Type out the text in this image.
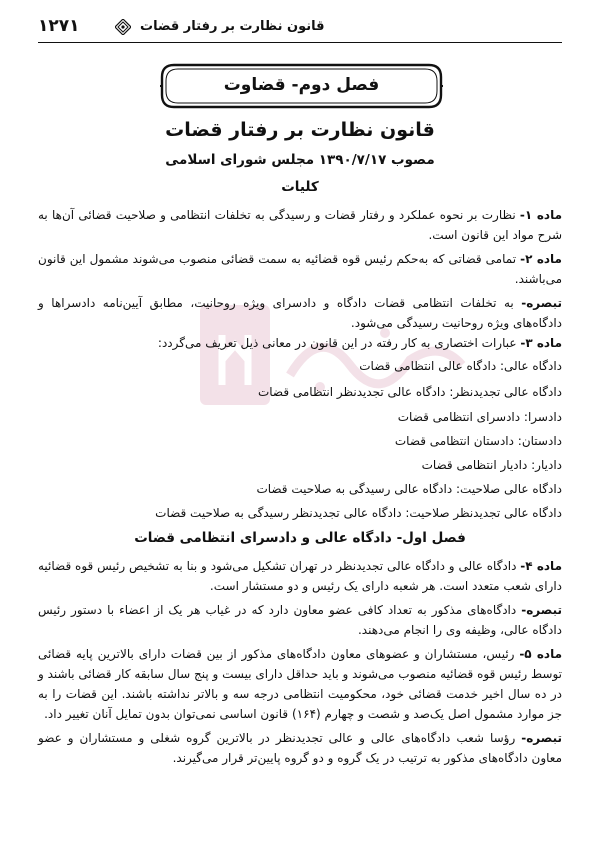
۱۲۷۱	قانون نظارت بر رفتار قضات
فصل دوم- قضاوت
قانون نظارت بر رفتار قضات
مصوب ۱۳۹۰/۷/۱۷ مجلس شورای اسلامی
کلیات

ماده ۱- نظارت بر نحوه عملکرد و رفتار قضات و رسیدگی به تخلفات انتظامی و صلاحیت قضائی آن‌ها به شرح مواد این قانون است.

ماده ۲- تمامی قضاتی که به‌حکم رئیس قوه قضائیه به سمت قضائی منصوب می‌شوند مشمول این قانون می‌باشند.

تبصره- به تخلفات انتظامی قضات دادگاه و دادسرای ویژه روحانیت، مطابق آیین‌نامه دادسراها و دادگاه‌های ویژه روحانیت رسیدگی می‌شود.

ماده ۳- عبارات اختصاری به کار رفته در این قانون در معانی ذیل تعریف می‌گردد:

دادگاه عالی: دادگاه عالی انتظامی قضات
دادگاه عالی تجدیدنظر: دادگاه عالی تجدیدنظر انتظامی قضات
دادسرا: دادسرای انتظامی قضات
دادستان: دادستان انتظامی قضات
دادیار: دادیار انتظامی قضات
دادگاه عالی صلاحیت: دادگاه عالی رسیدگی به صلاحیت قضات
دادگاه عالی تجدیدنظر صلاحیت: دادگاه عالی تجدیدنظر رسیدگی به صلاحیت قضات
فصل اول- دادگاه عالی و دادسرای انتظامی قضات

ماده ۴- دادگاه عالی و دادگاه عالی تجدیدنظر در تهران تشکیل می‌شود و بنا به تشخیص رئیس قوه قضائیه دارای شعب متعدد است. هر شعبه دارای یک رئیس و دو مستشار است.

تبصره- دادگاه‌های مذکور به تعداد کافی عضو معاون دارد که در غیاب هر یک از اعضاء با دستور رئیس دادگاه عالی، وظیفه وی را انجام می‌دهند.

ماده ۵- رئیس، مستشاران و عضوهای معاون دادگاه‌های مذکور از بین قضات دارای بالاترین پایه قضائی توسط رئیس قوه قضائیه منصوب می‌شوند و باید حداقل دارای بیست و پنج سال سابقه کار قضائی باشند و در ده سال اخیر خدمت قضائی خود، محکومیت انتظامی درجه سه و بالاتر نداشته باشند. این قضات را به جز موارد مشمول اصل یک‌صد و شصت و چهارم (۱۶۴) قانون اساسی نمی‌توان بدون تمایل آنان تغییر داد.

تبصره- رؤسا شعب دادگاه‌های عالی و عالی تجدیدنظر در بالاترین گروه شغلی و مستشاران و عضو معاون دادگاه‌های مذکور به ترتیب در یک گروه و دو گروه پایین‌تر قرار می‌گیرند.
